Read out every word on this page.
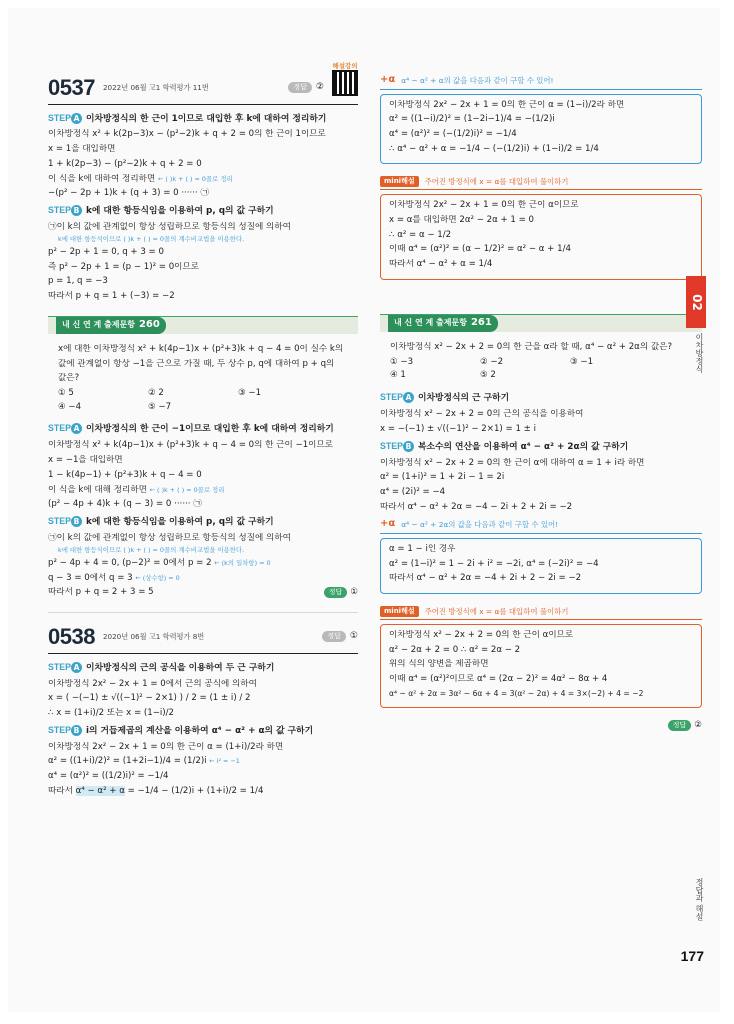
0537 2022년 06월 고1 학력평가 11번	정답	②
해설강의
STEP A 이차방정식의 한 근이 1이므로 대입한 후 k에 대하여 정리하기
이차방정식 x² + k(2p−3)x − (p²−2)k + q + 2 = 0의 한 근이 1이므로
x = 1을 대입하면
1 + k(2p−3) − (p²−2)k + q + 2 = 0
이 식을 k에 대하여 정리하면 ← ( )k + ( ) = 0꼴로 정리
−(p² − 2p + 1)k + (q + 3) = 0 ······ ㉠
STEP B k에 대한 항등식임을 이용하여 p, q의 값 구하기
㉠이 k의 값에 관계없이 항상 성립하므로 항등식의 성질에 의하여
k에 대한 항등식이므로 ( )k + ( ) = 0꼴의 계수비교법을 이용한다.
p² − 2p + 1 = 0, q + 3 = 0
즉 p² − 2p + 1 = (p − 1)² = 0이므로
p = 1, q = −3
따라서 p + q = 1 + (−3) = −2
내 신 연 계 출제문항 260
x에 대한 이차방정식 x² + k(4p−1)x + (p²+3)k + q − 4 = 0이 실수 k의
값에 관계없이 항상 −1을 근으로 가질 때, 두 상수 p, q에 대하여 p + q의
값은?
① 5	② 2	③ −1
④ −4	⑤ −7
STEP A 이차방정식의 한 근이 −1이므로 대입한 후 k에 대하여 정리하기
이차방정식 x² + k(4p−1)x + (p²+3)k + q − 4 = 0의 한 근이 −1이므로
x = −1을 대입하면
1 − k(4p−1) + (p²+3)k + q − 4 = 0
이 식을 k에 대해 정리하면 ← ( )k + ( ) = 0꼴로 정리
(p² − 4p + 4)k + (q − 3) = 0 ······ ㉠
STEP B k에 대한 항등식임을 이용하여 p, q의 값 구하기
㉠이 k의 값에 관계없이 항상 성립하므로 항등식의 성질에 의하여
k에 대한 항등식이므로 ( )k + ( ) = 0꼴의 계수비교법을 이용한다.
p² − 4p + 4 = 0, (p−2)² = 0에서 p = 2 ← (k의 일차항) = 0
q − 3 = 0에서 q = 3 ← (상수항) = 0
따라서 p + q = 2 + 3 = 5	정답 ①
0538 2020년 06월 고1 학력평가 8번	정답	①
STEP A 이차방정식의 근의 공식을 이용하여 두 근 구하기
이차방정식 2x² − 2x + 1 = 0에서 근의 공식에 의하여
x = ( −(−1) ± √((−1)² − 2×1) ) / 2 = (1 ± i) / 2
∴ x = (1+i)/2 또는 x = (1−i)/2
STEP B i의 거듭제곱의 계산을 이용하여 α⁴ − α² + α의 값 구하기
이차방정식 2x² − 2x + 1 = 0의 한 근이 α = (1+i)/2라 하면
α² = ((1+i)/2)² = (1+2i−1)/4 = (1/2)i ← i² = −1
α⁴ = (α²)² = ((1/2)i)² = −1/4
따라서 α⁴ − α² + α = −1/4 − (1/2)i + (1+i)/2 = 1/4
+α α⁴ − α² + α의 값을 다음과 같이 구할 수 있어!
이차방정식 2x² − 2x + 1 = 0의 한 근이 α = (1−i)/2라 하면
α² = ((1−i)/2)² = (1−2i−1)/4 = −(1/2)i
α⁴ = (α²)² = (−(1/2)i)² = −1/4
∴ α⁴ − α² + α = −1/4 − (−(1/2)i) + (1−i)/2 = 1/4
mini해설	주어진 방정식에 x = α를 대입하여 풀이하기
이차방정식 2x² − 2x + 1 = 0의 한 근이 α이므로
x = α를 대입하면 2α² − 2α + 1 = 0
∴ α² = α − 1/2
이때 α⁴ = (α²)² = (α − 1/2)² = α² − α + 1/4
따라서 α⁴ − α² + α = 1/4
내 신 연 계 출제문항 261
이차방정식 x² − 2x + 2 = 0의 한 근을 α라 할 때, α⁴ − α² + 2α의 값은?
① −3	② −2	③ −1
④ 1	⑤ 2
STEP A 이차방정식의 근 구하기
이차방정식 x² − 2x + 2 = 0의 근의 공식을 이용하여
x = −(−1) ± √((−1)² − 2×1) = 1 ± i
STEP B 복소수의 연산을 이용하여 α⁴ − α² + 2α의 값 구하기
이차방정식 x² − 2x + 2 = 0의 한 근이 α에 대하여 α = 1 + i라 하면
α² = (1+i)² = 1 + 2i − 1 = 2i
α⁴ = (2i)² = −4
따라서 α⁴ − α² + 2α = −4 − 2i + 2 + 2i = −2
+α α⁴ − α² + 2α의 값을 다음과 같이 구할 수 있어!
α = 1 − i인 경우
α² = (1−i)² = 1 − 2i + i² = −2i, α⁴ = (−2i)² = −4
따라서 α⁴ − α² + 2α = −4 + 2i + 2 − 2i = −2
mini해설	주어진 방정식에 x = α를 대입하여 풀이하기
이차방정식 x² − 2x + 2 = 0의 한 근이 α이므로
α² − 2α + 2 = 0 ∴ α² = 2α − 2
위의 식의 양변을 제곱하면
이때 α⁴ = (α²)²이므로 α⁴ = (2α − 2)² = 4α² − 8α + 4
α⁴ − α² + 2α = 3α² − 6α + 4 = 3(α² − 2α) + 4 = 3×(−2) + 4 = −2
정답 ②
02
이차방정식
정답과 해설
177
